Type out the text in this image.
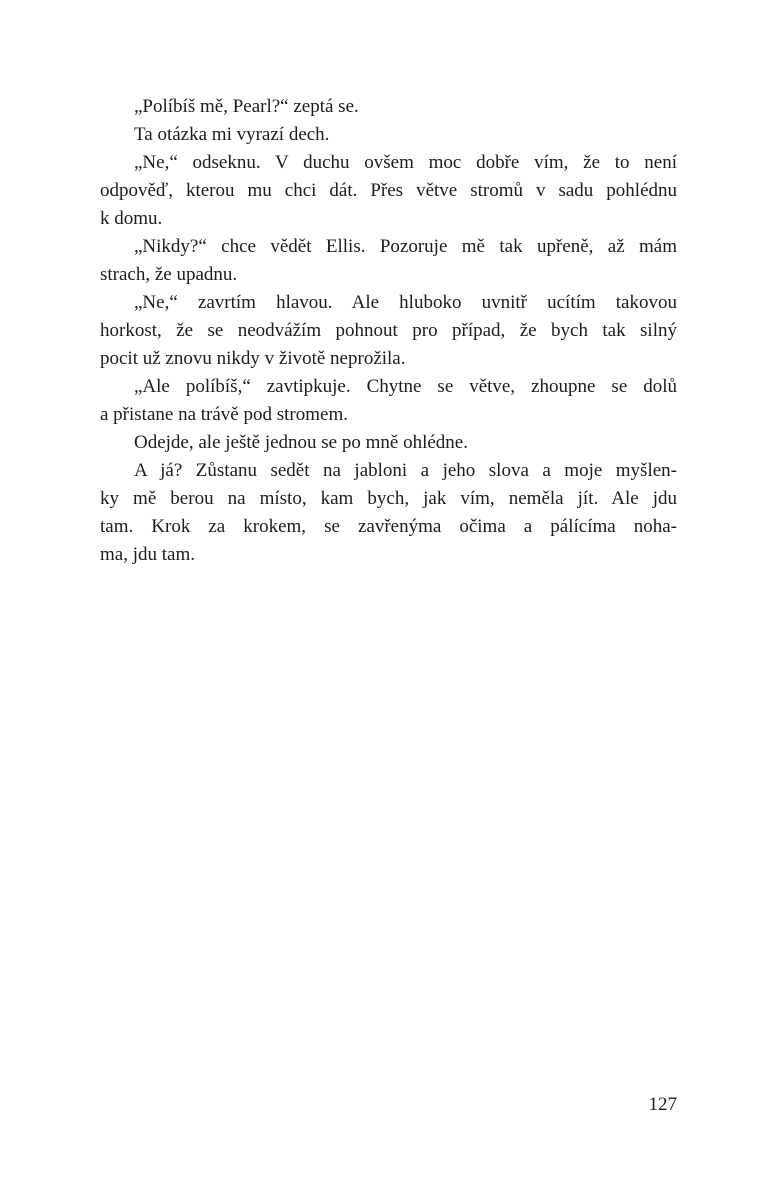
„Políbíš mě, Pearl?“ zeptá se.
Ta otázka mi vyrazí dech.
„Ne,“ odseknu. V duchu ovšem moc dobře vím, že to není
odpověď, kterou mu chci dát. Přes větve stromů v sadu pohlédnu
k domu.
„Nikdy?“ chce vědět Ellis. Pozoruje mě tak upřeně, až mám
strach, že upadnu.
„Ne,“ zavrtím hlavou. Ale hluboko uvnitř ucítím takovou
horkost, že se neodvážím pohnout pro případ, že bych tak silný
pocit už znovu nikdy v životě neprožila.
„Ale políbíš,“ zavtipkuje. Chytne se větve, zhoupne se dolů
a přistane na trávě pod stromem.
Odejde, ale ještě jednou se po mně ohlédne.
A já? Zůstanu sedět na jabloni a jeho slova a moje myšlen-
ky mě berou na místo, kam bych, jak vím, neměla jít. Ale jdu
tam. Krok za krokem, se zavřenýma očima a pálícíma noha-
ma, jdu tam.
127
